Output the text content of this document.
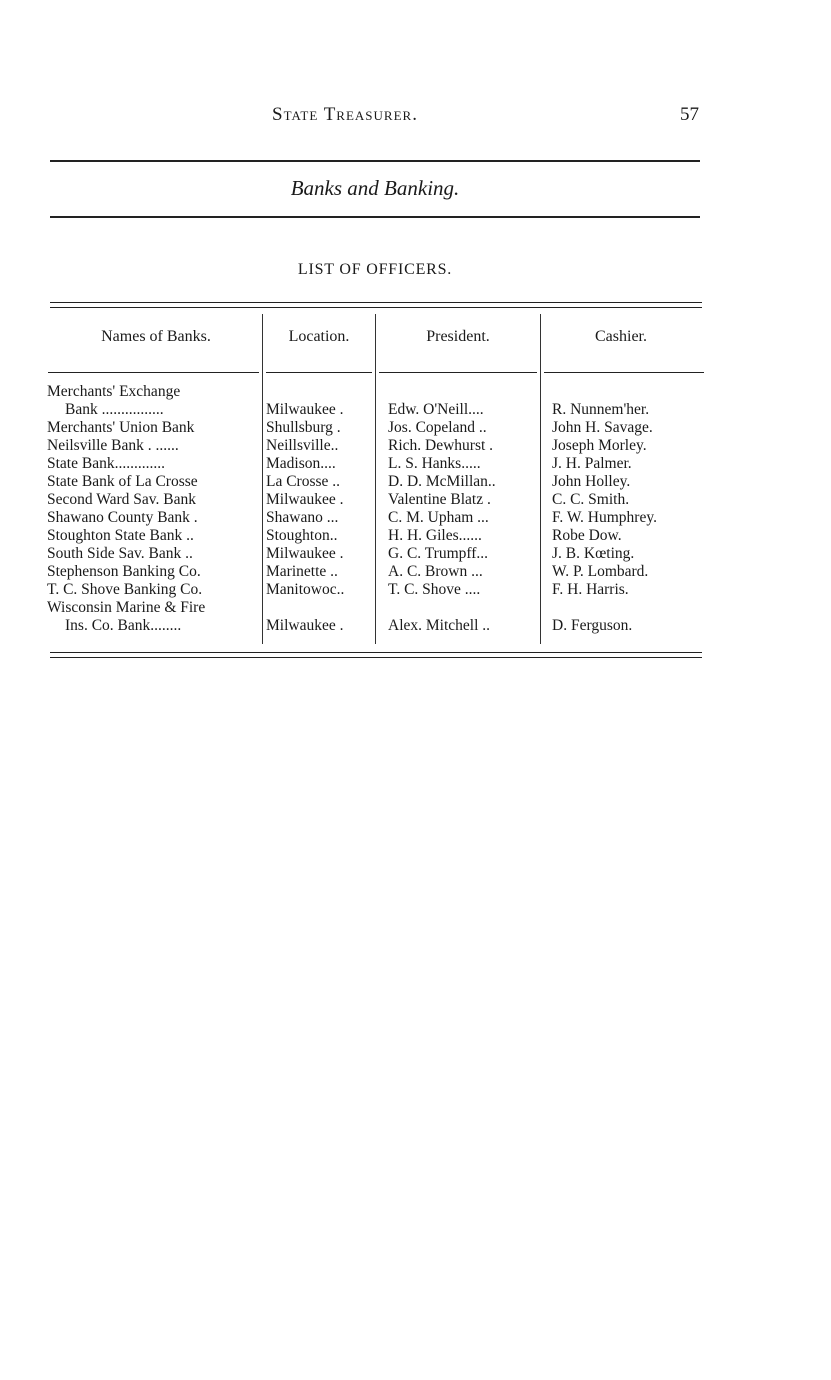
State Treasurer.	57
Banks and Banking.
LIST OF OFFICERS.
Names of Banks.	Location.	President.	Cashier.
Merchants' Exchange
Bank ................	Milwaukee .	Edw. O'Neill....	R. Nunnem'her.
Merchants' Union Bank	Shullsburg .	Jos. Copeland ..	John H. Savage.
Neilsville Bank . ......	Neillsville..	Rich. Dewhurst .	Joseph Morley.
State Bank.............	Madison....	L. S. Hanks.....	J. H. Palmer.
State Bank of La Crosse	La Crosse ..	D. D. McMillan..	John Holley.
Second Ward Sav. Bank	Milwaukee .	Valentine Blatz .	C. C. Smith.
Shawano County Bank .	Shawano ...	C. M. Upham ...	F. W. Humphrey.
Stoughton State Bank ..	Stoughton..	H. H. Giles......	Robe Dow.
South Side Sav. Bank ..	Milwaukee .	G. C. Trumpff...	J. B. Kœting.
Stephenson Banking Co.	Marinette ..	A. C. Brown ...	W. P. Lombard.
T. C. Shove Banking Co.	Manitowoc..	T. C. Shove ....	F. H. Harris.
Wisconsin Marine & Fire
Ins. Co. Bank........	Milwaukee .	Alex. Mitchell ..	D. Ferguson.
